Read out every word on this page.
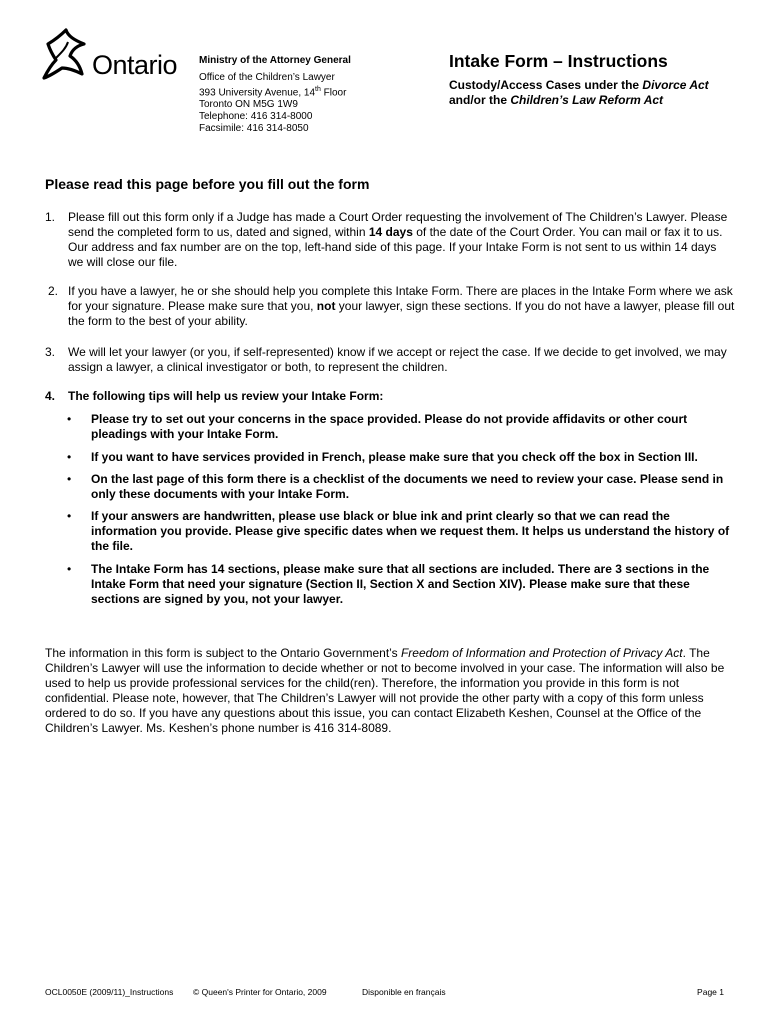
Ontario Ministry of the Attorney General
Office of the Children’s Lawyer
393 University Avenue, 14th Floor
Toronto ON M5G 1W9
Telephone: 416 314-8000
Facsimile: 416 314-8050
Intake Form – Instructions
Custody/Access Cases under the Divorce Act
and/or the Children’s Law Reform Act
Please read this page before you fill out the form
1. Please fill out this form only if a Judge has made a Court Order requesting the involvement of The Children’s Lawyer. Please send the completed form to us, dated and signed, within 14 days of the date of the Court Order. You can mail or fax it to us. Our address and fax number are on the top, left-hand side of this page. If your Intake Form is not sent to us within 14 days we will close our file.
2. If you have a lawyer, he or she should help you complete this Intake Form. There are places in the Intake Form where we ask for your signature. Please make sure that you, not your lawyer, sign these sections. If you do not have a lawyer, please fill out the form to the best of your ability.
3. We will let your lawyer (or you, if self-represented) know if we accept or reject the case. If we decide to get involved, we may assign a lawyer, a clinical investigator or both, to represent the children.
4. The following tips will help us review your Intake Form:
• Please try to set out your concerns in the space provided. Please do not provide affidavits or other court pleadings with your Intake Form.
• If you want to have services provided in French, please make sure that you check off the box in Section III.
• On the last page of this form there is a checklist of the documents we need to review your case. Please send in only these documents with your Intake Form.
• If your answers are handwritten, please use black or blue ink and print clearly so that we can read the information you provide. Please give specific dates when we request them. It helps us understand the history of the file.
• The Intake Form has 14 sections, please make sure that all sections are included. There are 3 sections in the Intake Form that need your signature (Section II, Section X and Section XIV). Please make sure that these sections are signed by you, not your lawyer.
The information in this form is subject to the Ontario Government’s Freedom of Information and Protection of Privacy Act. The Children’s Lawyer will use the information to decide whether or not to become involved in your case. The information will also be used to help us provide professional services for the child(ren). Therefore, the information you provide in this form is not confidential. Please note, however, that The Children’s Lawyer will not provide the other party with a copy of this form unless ordered to do so. If you have any questions about this issue, you can contact Elizabeth Keshen, Counsel at the Office of the Children’s Lawyer. Ms. Keshen’s phone number is 416 314-8089.
OCL0050E (2009/11)_Instructions © Queen's Printer for Ontario, 2009	Disponible en français	Page 1
